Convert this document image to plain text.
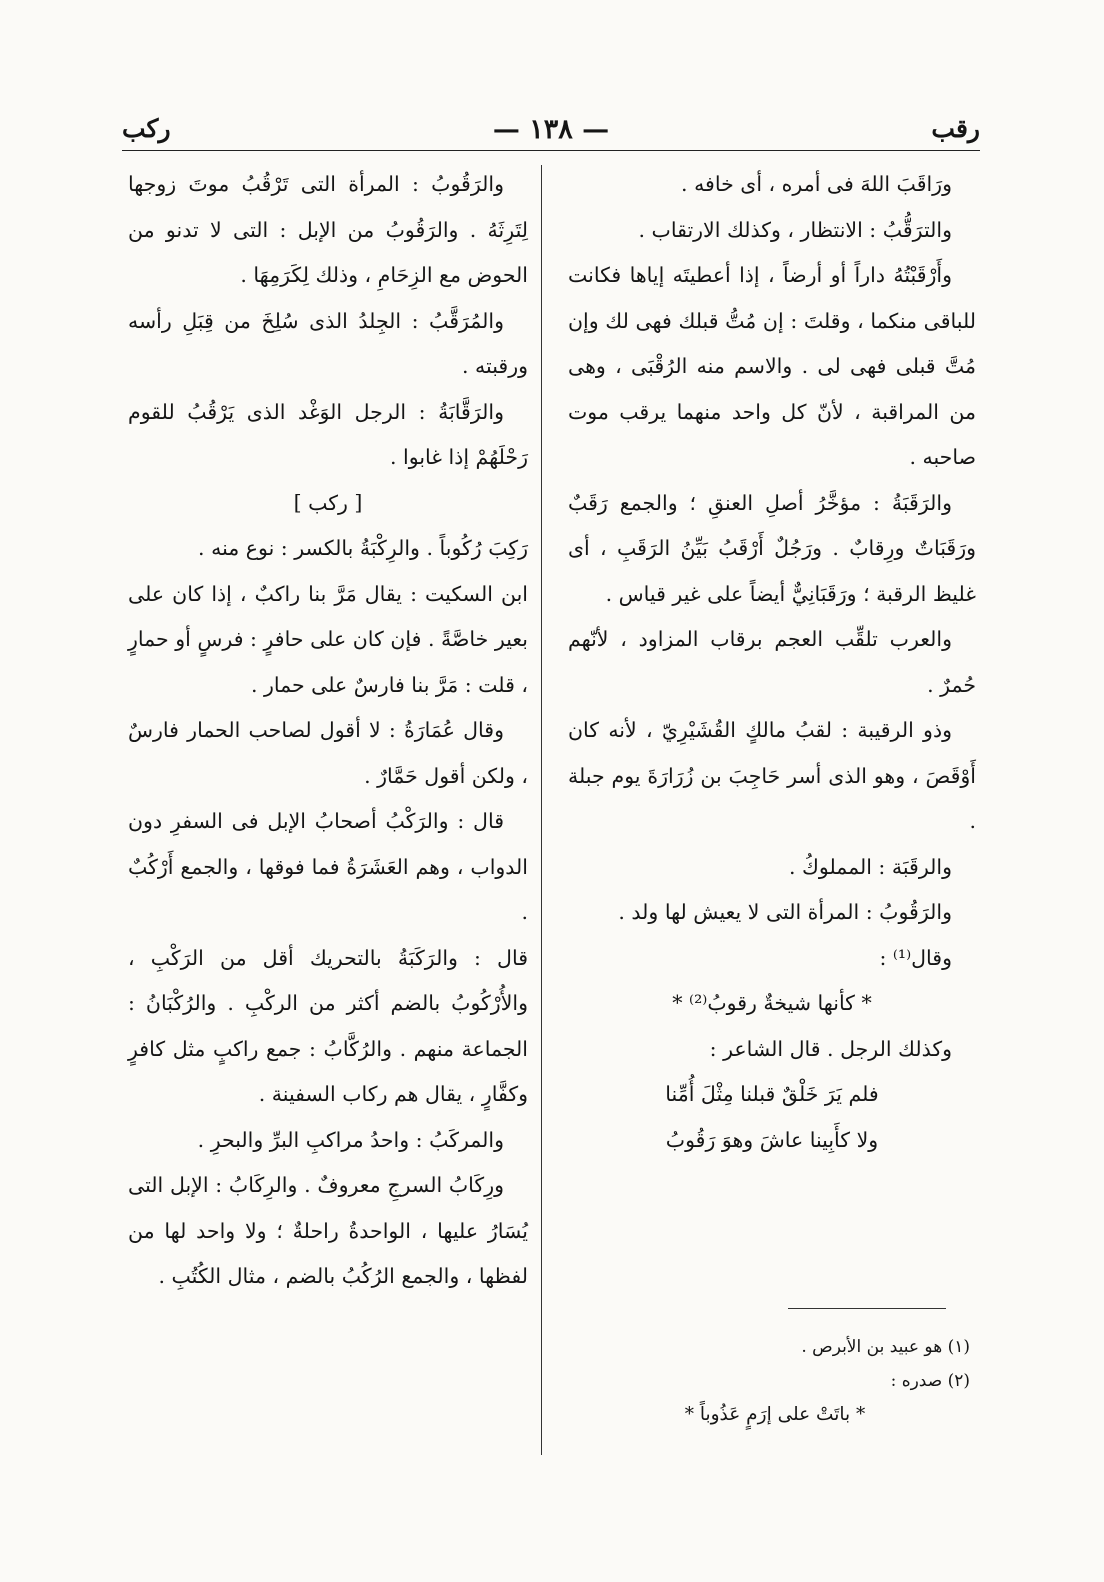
رقب
— ١٣٨ —
ركب

ورَاقَبَ اللهَ فى أمره ، أى خافه .

والترَقُّبُ : الانتظار ، وكذلك الارتقاب .

وأَرْقَبْتُهُ داراً أو أرضاً ، إذا أعطيتَه إياها فكانت للباقى منكما ، وقلتَ : إن مُتُّ قبلك فهى لك وإن مُتَّ قبلى فهى لى . والاسم منه الرُقْبَى ، وهى من المراقبة ، لأنّ كل واحد منهما يرقب موت صاحبه .

والرَقَبَةُ : مؤخَّرُ أصلِ العنقِ ؛ والجمع رَقَبٌ ورَقَبَاتٌ ورِقابٌ . ورَجُلٌ أَرْقَبُ بَيِّنُ الرَقَبِ ، أى غليظ الرقبة ؛ ورَقَبَانِيٌّ أيضاً على غير قياس .

والعرب تلقِّب العجم برقاب المزاود ، لأنّهم حُمرٌ .

وذو الرقيبة : لقبُ مالكٍ القُشَيْرِيّ ، لأنه كان أَوْقَصَ ، وهو الذى أسر حَاجِبَ بن زُرَارَةَ يوم جبلة .

والرقَبَة : المملوكُ .

والرَقُوبُ : المرأة التى لا يعيش لها ولد .

وقال⁽¹⁾ :

* كأنها شيخةٌ رقوبُ⁽²⁾ *

وكذلك الرجل . قال الشاعر :

فلم يَرَ خَلْقٌ قبلنا مِثْلَ أُمِّنا

ولا كأَبِينا عاشَ وهوَ رَقُوبُ

(١) هو عبيد بن الأبرص .

(٢) صدره :

* باتَتْ على إرَمٍ عَذُوباً *

والرَقُوبُ : المرأة التى تَرْقُبُ موتَ زوجها لِتَرِثَهُ . والرَقُوبُ من الإبل : التى لا تدنو من الحوض مع الزِحَامِ ، وذلك لِكَرَمِهَا .

والمُرَقَّبُ : الجِلدُ الذى سُلِخَ من قِبَلِ رأسه ورقبته .

والرَقَّابَةُ : الرجل الوَغْد الذى يَرْقُبُ للقوم رَحْلَهُمْ إذا غابوا .

[ ركب ]

رَكِبَ رُكُوباً . والرِكْبَةُ بالكسر : نوع منه .

ابن السكيت : يقال مَرَّ بنا راكبٌ ، إذا كان على بعير خاصَّةً . فإن كان على حافرٍ : فرسٍ أو حمارٍ ، قلت : مَرَّ بنا فارسٌ على حمار .

وقال عُمَارَةُ : لا أقول لصاحب الحمار فارسٌ ، ولكن أقول حَمَّارٌ .

قال : والرَكْبُ أصحابُ الإبل فى السفرِ دون الدواب ، وهم العَشَرَةُ فما فوقها ، والجمع أَرْكُبٌ .

قال : والرَكَبَةُ بالتحريك أقل من الرَكْبِ ، والأُرْكُوبُ بالضم أكثر من الركْبِ . والرُكْبَانُ : الجماعة منهم . والرُكَّابُ : جمع راكبٍ مثل كافرٍ وكفَّارٍ ، يقال هم ركاب السفينة .

والمركَبُ : واحدُ مراكبِ البرِّ والبحرِ .

ورِكَابُ السرجِ معروفٌ . والرِكَابُ : الإبل التى يُسَارُ عليها ، الواحدةُ راحلةٌ ؛ ولا واحد لها من لفظها ، والجمع الرُكُبُ بالضم ، مثال الكُتُبِ .
